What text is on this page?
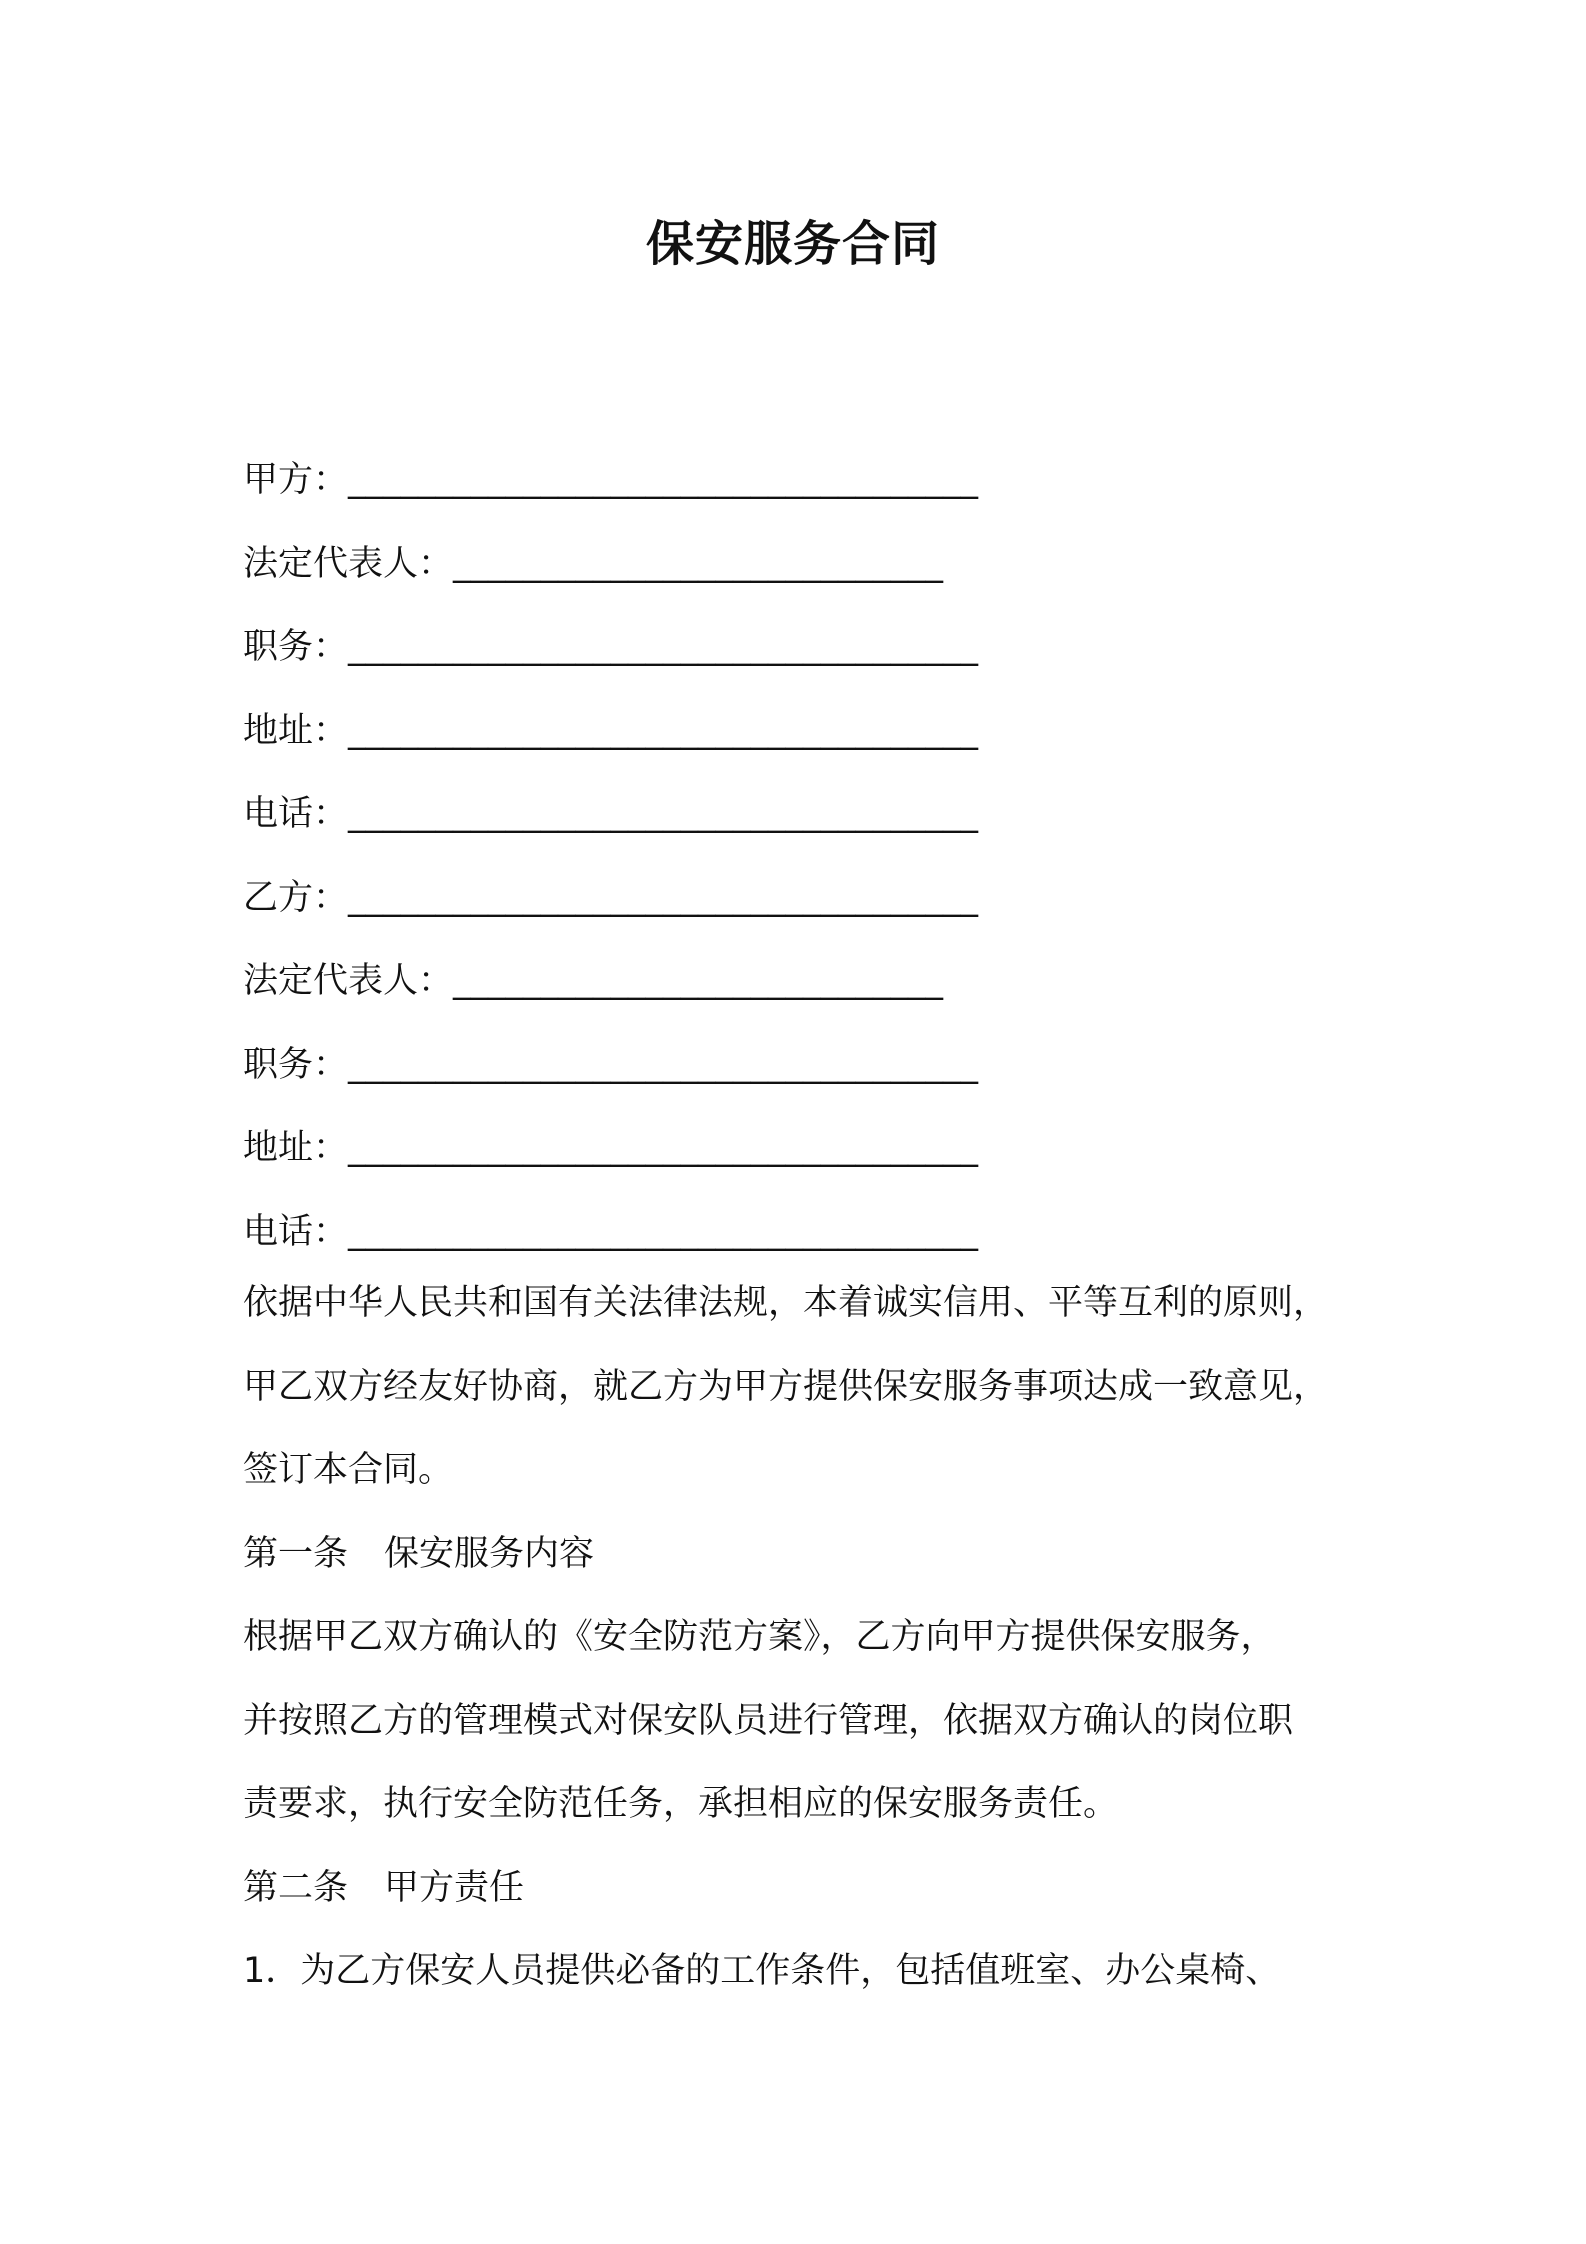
保安服务合同
甲方：____________________________________
法定代表人：____________________________
职务：____________________________________
地址：____________________________________
电话：____________________________________
乙方：____________________________________
法定代表人：____________________________
职务：____________________________________
地址：____________________________________
电话：____________________________________
依据中华人民共和国有关法律法规，本着诚实信用、平等互利的原则，
甲乙双方经友好协商，就乙方为甲方提供保安服务事项达成一致意见，
签订本合同。
第一条 保安服务内容
根据甲乙双方确认的《安全防范方案》，乙方向甲方提供保安服务，
并按照乙方的管理模式对保安队员进行管理，依据双方确认的岗位职
责要求，执行安全防范任务，承担相应的保安服务责任。
第二条 甲方责任
1．为乙方保安人员提供必备的工作条件，包括值班室、办公桌椅、
